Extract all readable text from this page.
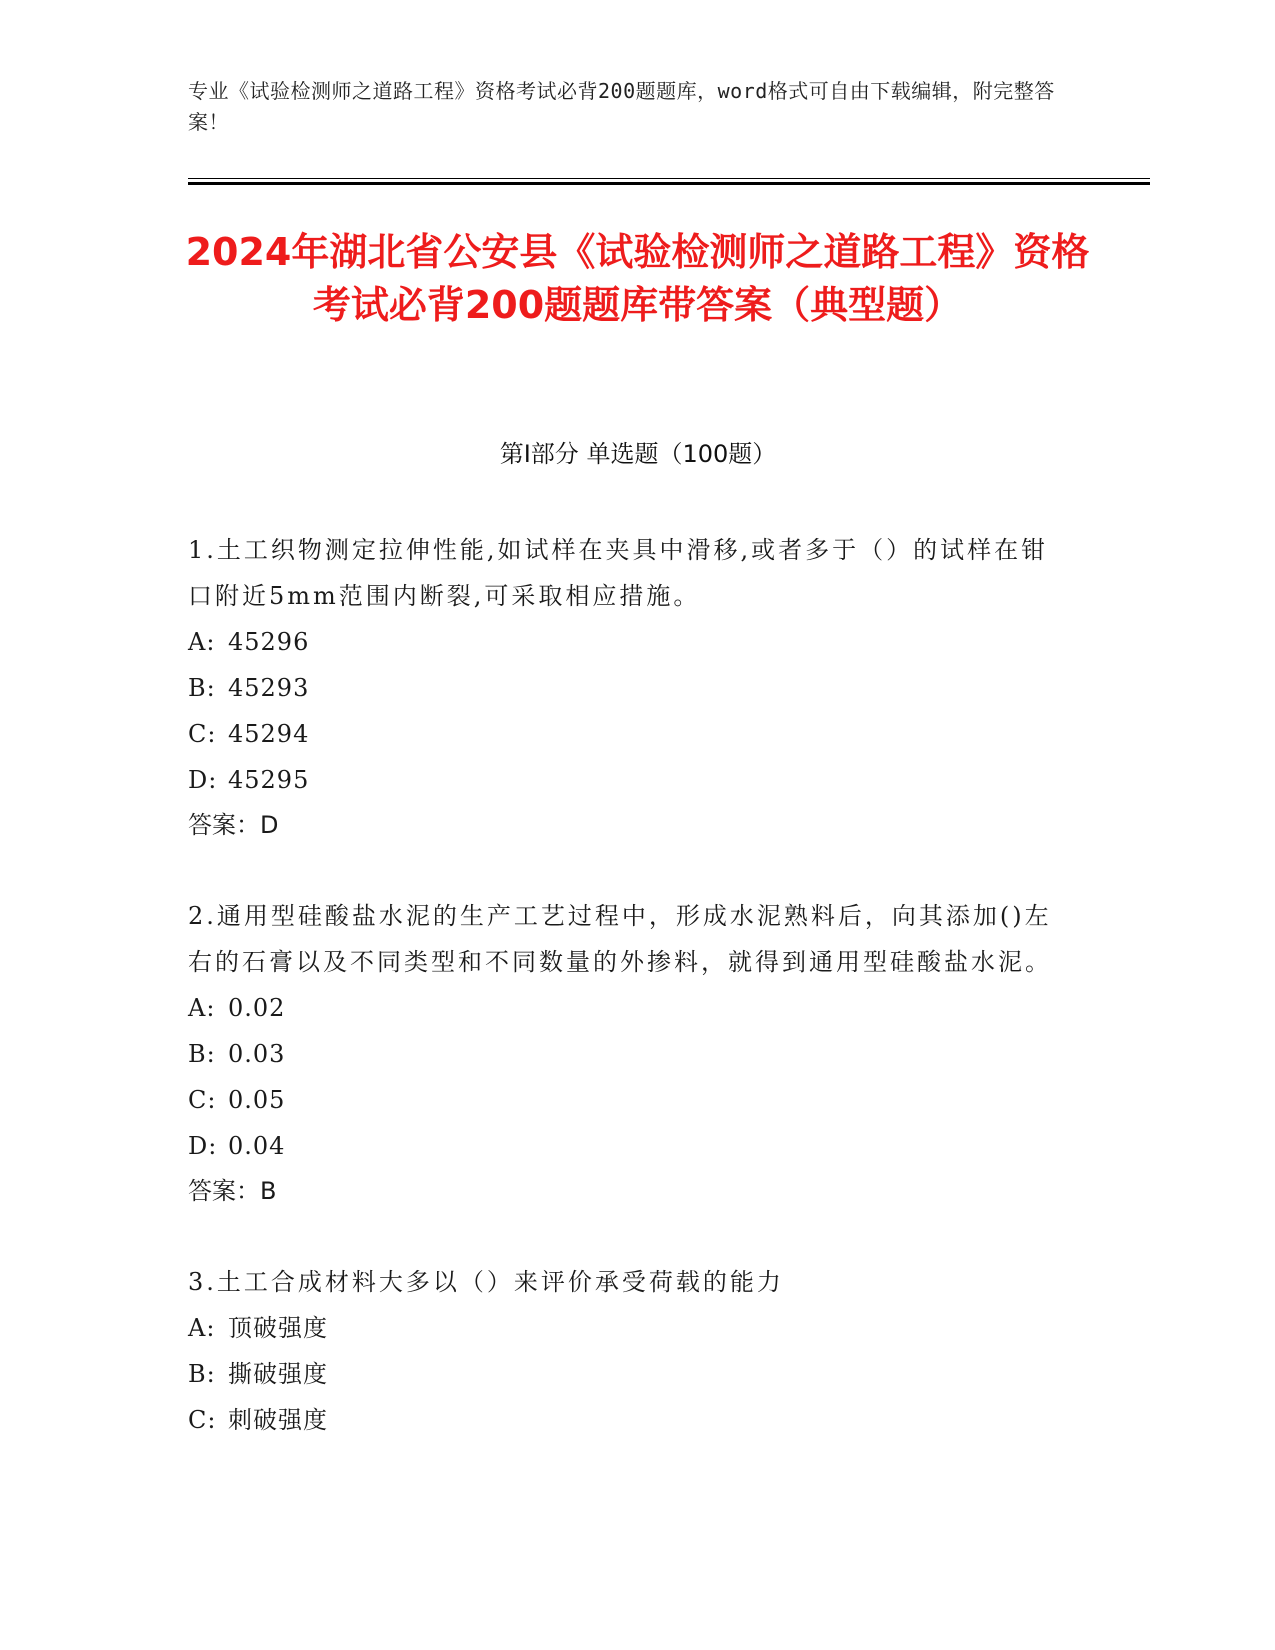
专业《试验检测师之道路工程》资格考试必背200题题库，word格式可自由下载编辑，附完整答案！
2024年湖北省公安县《试验检测师之道路工程》资格考试必背200题题库带答案（典型题）
第I部分 单选题（100题）

1.土工织物测定拉伸性能,如试样在夹具中滑移,或者多于（）的试样在钳口附近5mm范围内断裂,可采取相应措施。

A: 45296

B: 45293

C: 45294

D: 45295

答案：D

2.通用型硅酸盐水泥的生产工艺过程中，形成水泥熟料后，向其添加()左右的石膏以及不同类型和不同数量的外掺料，就得到通用型硅酸盐水泥。

A: 0.02

B: 0.03

C: 0.05

D: 0.04

答案：B

3.土工合成材料大多以（）来评价承受荷载的能力

A: 顶破强度

B: 撕破强度

C: 刺破强度
